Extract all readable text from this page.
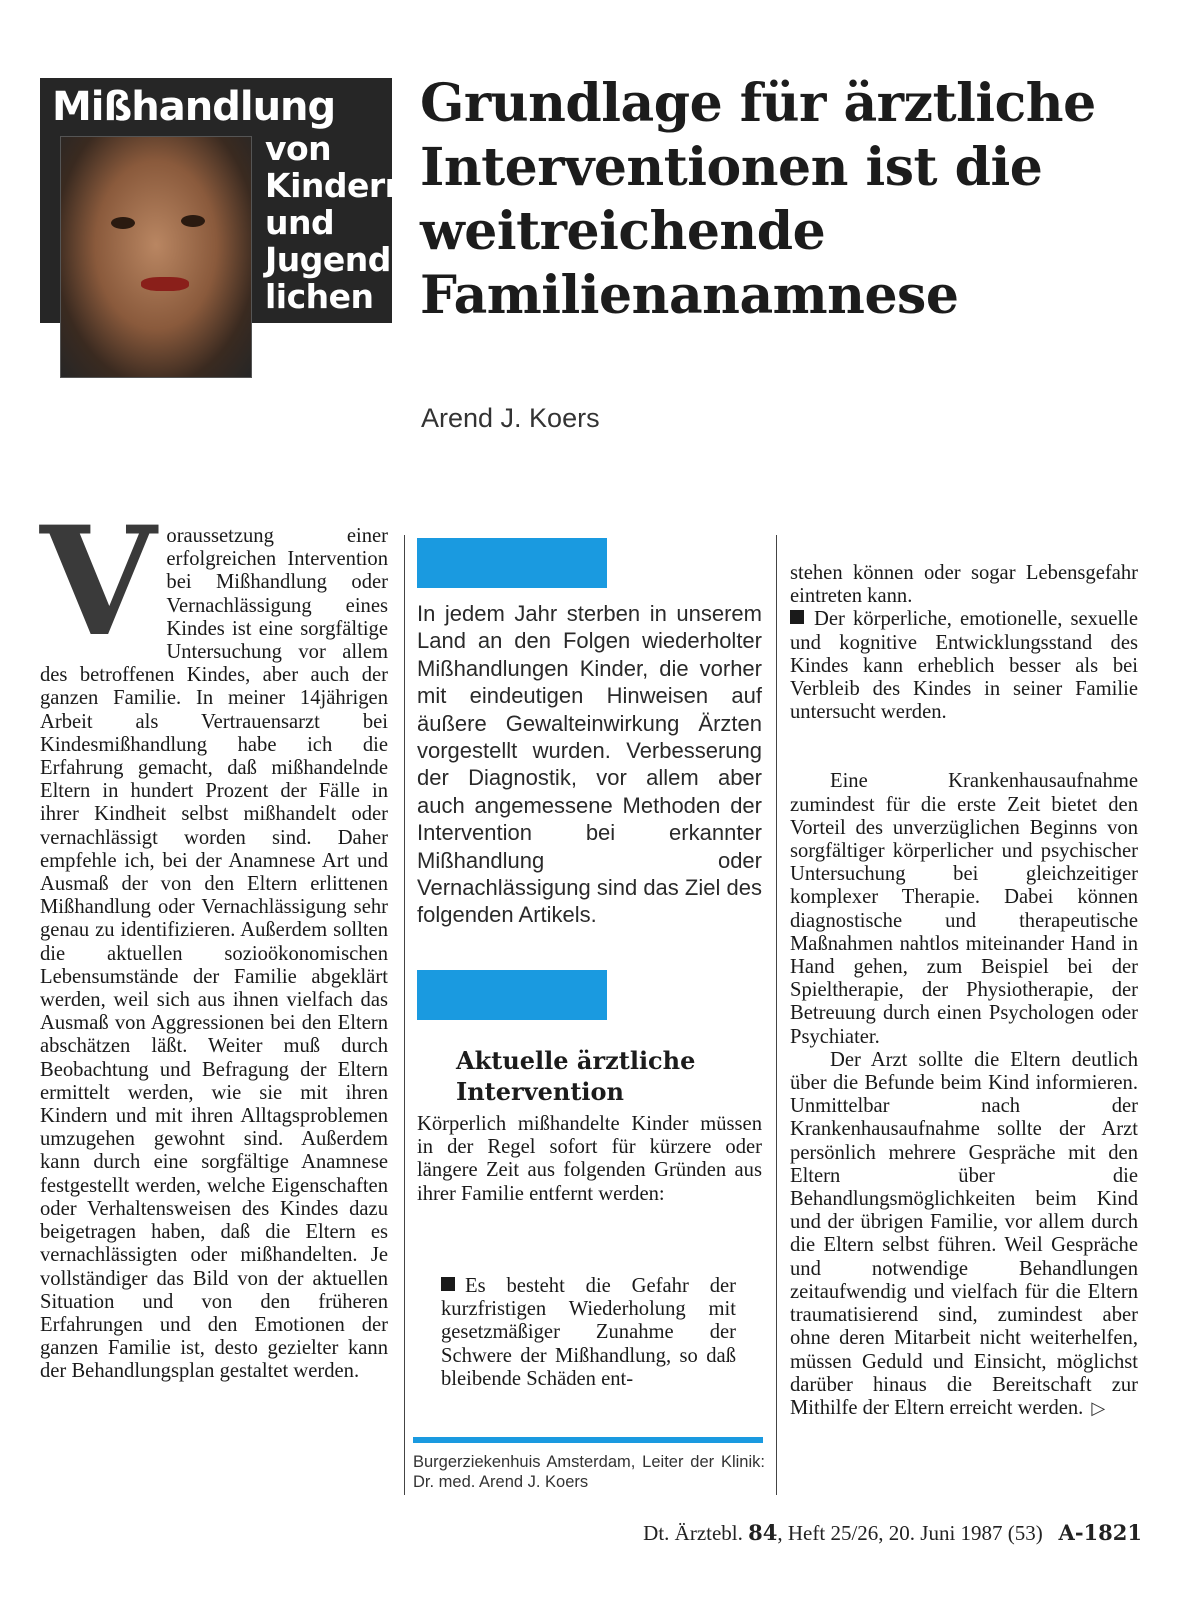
Mißhandlung
von
Kindern
und
Jugend-
lichen
Grundlage für ärztliche Interventionen ist die weitreichende Familienanamnese

Arend J. Koers

V oraussetzung einer erfolgreichen Intervention bei Mißhandlung oder Vernachlässigung eines Kindes ist eine sorgfältige Untersuchung vor allem des betroffenen Kindes, aber auch der ganzen Familie. In meiner 14jährigen Arbeit als Vertrauensarzt bei Kindesmißhandlung habe ich die Erfahrung gemacht, daß mißhandelnde Eltern in hundert Prozent der Fälle in ihrer Kindheit selbst mißhandelt oder vernachlässigt worden sind. Daher empfehle ich, bei der Anamnese Art und Ausmaß der von den Eltern erlittenen Mißhandlung oder Vernachlässigung sehr genau zu identifizieren. Außerdem sollten die aktuellen sozioökonomischen Lebensumstände der Familie abgeklärt werden, weil sich aus ihnen vielfach das Ausmaß von Aggressionen bei den Eltern abschätzen läßt. Weiter muß durch Beobachtung und Befragung der Eltern ermittelt werden, wie sie mit ihren Kindern und mit ihren Alltagsproblemen umzugehen gewohnt sind. Außerdem kann durch eine sorgfältige Anamnese festgestellt werden, welche Eigenschaften oder Verhaltensweisen des Kindes dazu beigetragen haben, daß die Eltern es vernachlässigten oder mißhandelten. Je vollständiger das Bild von der aktuellen Situation und von den früheren Erfahrungen und den Emotionen der ganzen Familie ist, desto gezielter kann der Behandlungsplan gestaltet werden.

In jedem Jahr sterben in unserem Land an den Folgen wiederholter Mißhandlungen Kinder, die vorher mit eindeutigen Hinweisen auf äußere Gewalteinwirkung Ärzten vorgestellt wurden. Verbesserung der Diagnostik, vor allem aber auch angemessene Methoden der Intervention bei erkannter Mißhandlung oder Vernachlässigung sind das Ziel des folgenden Artikels.

Aktuelle ärztliche Intervention

Körperlich mißhandelte Kinder müssen in der Regel sofort für kürzere oder längere Zeit aus folgenden Gründen aus ihrer Familie entfernt werden:

Es besteht die Gefahr der kurzfristigen Wiederholung mit gesetzmäßiger Zunahme der Schwere der Mißhandlung, so daß bleibende Schäden ent-

Burgerziekenhuis Amsterdam, Leiter der Klinik: Dr. med. Arend J. Koers

stehen können oder sogar Lebensgefahr eintreten kann.

Der körperliche, emotionelle, sexuelle und kognitive Entwicklungsstand des Kindes kann erheblich besser als bei Verbleib des Kindes in seiner Familie untersucht werden.

Eine Krankenhausaufnahme zumindest für die erste Zeit bietet den Vorteil des unverzüglichen Beginns von sorgfältiger körperlicher und psychischer Untersuchung bei gleichzeitiger komplexer Therapie. Dabei können diagnostische und therapeutische Maßnahmen nahtlos miteinander Hand in Hand gehen, zum Beispiel bei der Spieltherapie, der Physiotherapie, der Betreuung durch einen Psychologen oder Psychiater.

Der Arzt sollte die Eltern deutlich über die Befunde beim Kind informieren. Unmittelbar nach der Krankenhausaufnahme sollte der Arzt persönlich mehrere Gespräche mit den Eltern über die Behandlungsmöglichkeiten beim Kind und der übrigen Familie, vor allem durch die Eltern selbst führen. Weil Gespräche und notwendige Behandlungen zeitaufwendig und vielfach für die Eltern traumatisierend sind, zumindest aber ohne deren Mitarbeit nicht weiterhelfen, müssen Geduld und Einsicht, möglichst darüber hinaus die Bereitschaft zur Mithilfe der Eltern erreicht werden. ▷

Dt. Ärztebl. 84, Heft 25/26, 20. Juni 1987 (53) A-1821
